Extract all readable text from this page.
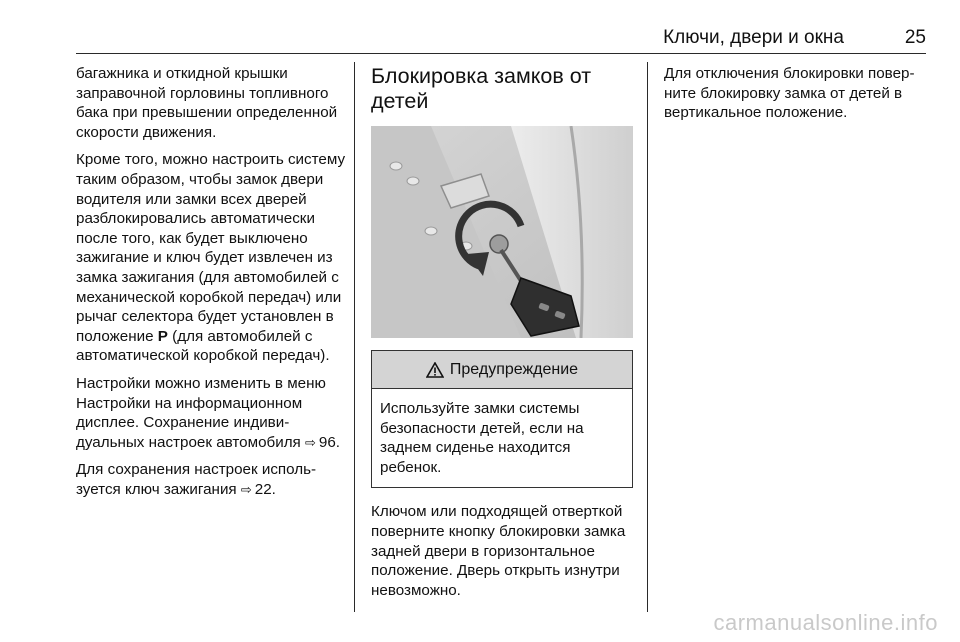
Ключи, двери и окна	25

багажника и откидной крышки заправочной горловины топливного бака при превышении определенной скорости движения.

Кроме того, можно настроить систему таким образом, чтобы замок двери водителя или замки всех дверей разблокировались автоматически после того, как будет выключено зажигание и ключ будет извлечен из замка зажигания (для автомобилей с механической коробкой передач) или рычаг селектора будет установлен в положение P (для автомобилей с автоматической коробкой передач).

Настройки можно изменить в меню Настройки на информационном дисплее. Сохранение индивидуальных настроек автомобиля ⇨ 96.

Для сохранения настроек используется ключ зажигания ⇨ 22.

Блокировка замков от детей
Предупреждение
Используйте замки системы безопасности детей, если на заднем сиденье находится ребенок.

Ключом или подходящей отверткой поверните кнопку блокировки замка задней двери в горизонтальное положение. Дверь открыть изнутри невозможно.

Для отключения блокировки поверните блокировку замка от детей в вертикальное положение.

carmanualsonline.info
